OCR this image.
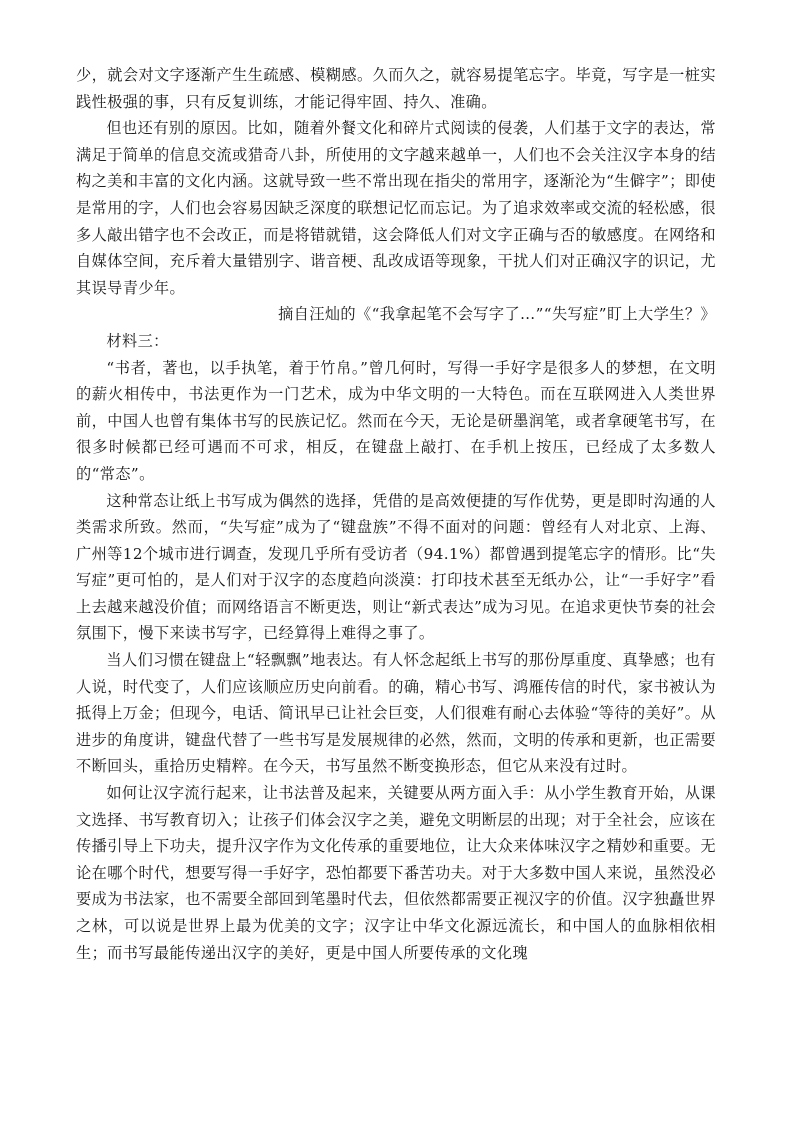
少，就会对文字逐渐产生生疏感、模糊感。久而久之，就容易提笔忘字。毕竟，写字是一桩实践性极强的事，只有反复训练，才能记得牢固、持久、准确。

但也还有别的原因。比如，随着外餐文化和碎片式阅读的侵袭，人们基于文字的表达，常满足于简单的信息交流或猎奇八卦，所使用的文字越来越单一，人们也不会关注汉字本身的结构之美和丰富的文化内涵。这就导致一些不常出现在指尖的常用字，逐渐沦为“生僻字”；即使是常用的字，人们也会容易因缺乏深度的联想记忆而忘记。为了追求效率或交流的轻松感，很多人敲出错字也不会改正，而是将错就错，这会降低人们对文字正确与否的敏感度。在网络和自媒体空间，充斥着大量错别字、谐音梗、乱改成语等现象，干扰人们对正确汉字的识记，尤其误导青少年。

摘自汪灿的《“我拿起笔不会写字了…”“失写症”盯上大学生？》

材料三：

“书者，著也，以手执笔，着于竹帛。”曾几何时，写得一手好字是很多人的梦想，在文明的薪火相传中，书法更作为一门艺术，成为中华文明的一大特色。而在互联网进入人类世界前，中国人也曾有集体书写的民族记忆。然而在今天，无论是研墨润笔，或者拿硬笔书写，在很多时候都已经可遇而不可求，相反，在键盘上敲打、在手机上按压，已经成了太多数人的“常态”。

这种常态让纸上书写成为偶然的选择，凭借的是高效便捷的写作优势，更是即时沟通的人类需求所致。然而，“失写症”成为了“键盘族”不得不面对的问题：曾经有人对北京、上海、广州等12个城市进行调查，发现几乎所有受访者（94.1%）都曾遇到提笔忘字的情形。比“失写症”更可怕的，是人们对于汉字的态度趋向淡漠：打印技术甚至无纸办公，让“一手好字”看上去越来越没价值；而网络语言不断更迭，则让“新式表达”成为习见。在追求更快节奏的社会氛围下，慢下来读书写字，已经算得上难得之事了。

当人们习惯在键盘上“轻飘飘”地表达。有人怀念起纸上书写的那份厚重度、真挚感；也有人说，时代变了，人们应该顺应历史向前看。的确，精心书写、鸿雁传信的时代，家书被认为抵得上万金；但现今，电话、简讯早已让社会巨变，人们很难有耐心去体验“等待的美好”。从进步的角度讲，键盘代替了一些书写是发展规律的必然，然而，文明的传承和更新，也正需要不断回头，重拾历史精粹。在今天，书写虽然不断变换形态，但它从来没有过时。

如何让汉字流行起来，让书法普及起来，关键要从两方面入手：从小学生教育开始，从课文选择、书写教育切入；让孩子们体会汉字之美，避免文明断层的出现；对于全社会，应该在传播引导上下功夫，提升汉字作为文化传承的重要地位，让大众来体味汉字之精妙和重要。无论在哪个时代，想要写得一手好字，恐怕都要下番苦功夫。对于大多数中国人来说，虽然没必要成为书法家，也不需要全部回到笔墨时代去，但依然都需要正视汉字的价值。汉字独矗世界之林，可以说是世界上最为优美的文字；汉字让中华文化源远流长，和中国人的血脉相依相生；而书写最能传递出汉字的美好，更是中国人所要传承的文化瑰
